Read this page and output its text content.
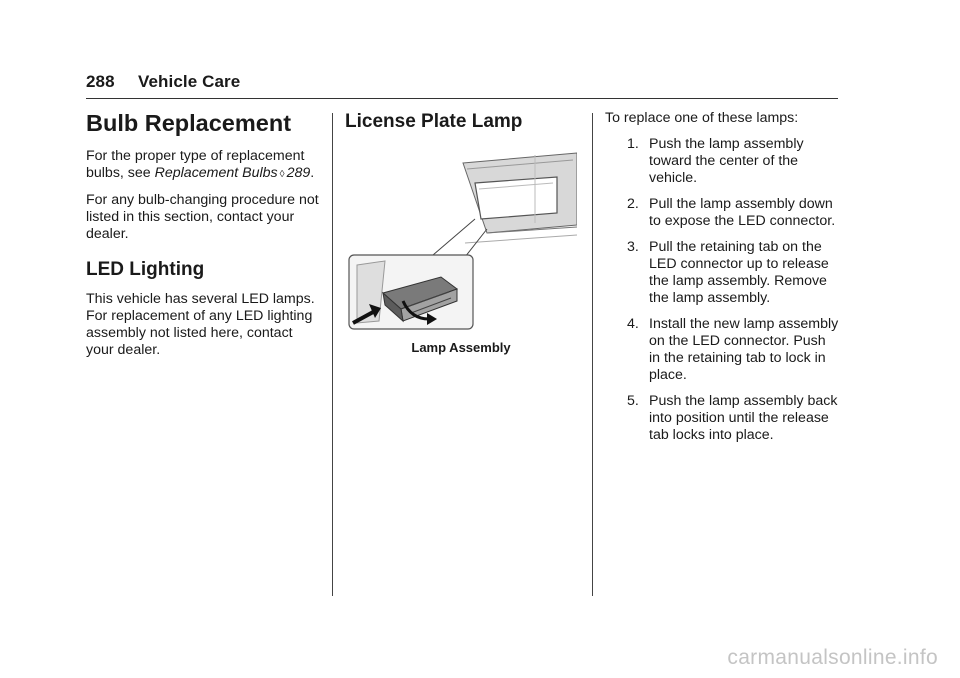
288 Vehicle Care
Bulb Replacement

For the proper type of replacement bulbs, see Replacement Bulbs ◊ 289.

For any bulb-changing procedure not listed in this section, contact your dealer.

LED Lighting

This vehicle has several LED lamps. For replacement of any LED lighting assembly not listed here, contact your dealer.

License Plate Lamp
Lamp Assembly

To replace one of these lamps:

1. Push the lamp assembly toward the center of the vehicle.
2. Pull the lamp assembly down to expose the LED connector.
3. Pull the retaining tab on the LED connector up to release the lamp assembly. Remove the lamp assembly.
4. Install the new lamp assembly on the LED connector. Push in the retaining tab to lock in place.
5. Push the lamp assembly back into position until the release tab locks into place.
carmanualsonline.info
